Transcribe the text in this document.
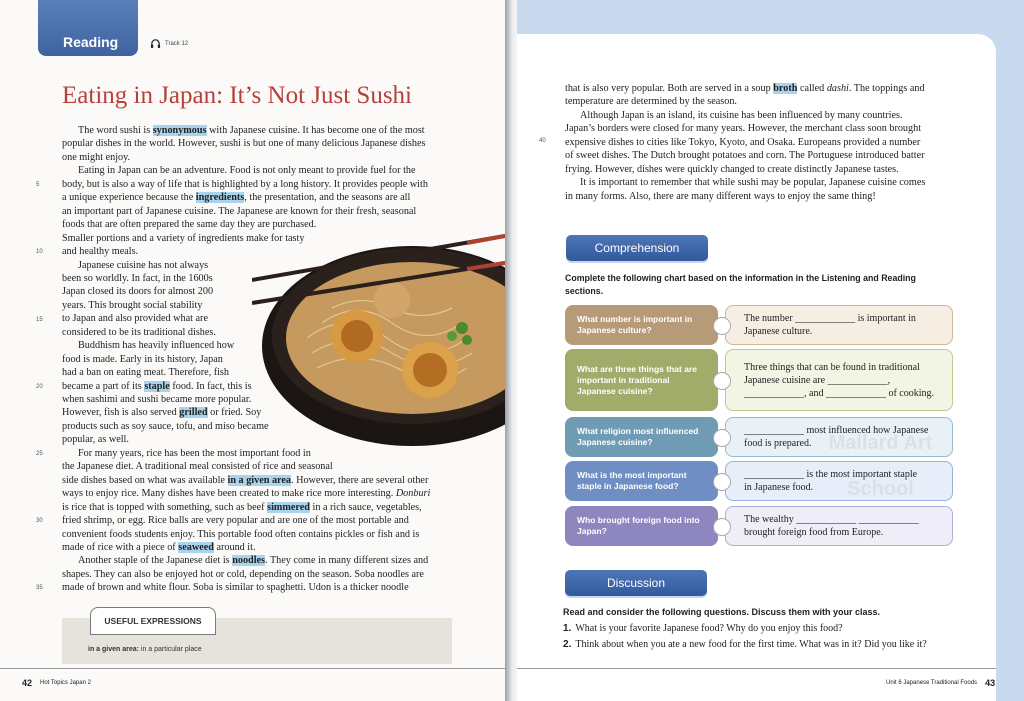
Reading	Track 12
Eating in Japan: It’s Not Just Sushi
The word sushi is synonymous with Japanese cuisine. It has become one of the most
popular dishes in the world. However, sushi is but one of many delicious Japanese dishes
one might enjoy.
Eating in Japan can be an adventure. Food is not only meant to provide fuel for the
body, but is also a way of life that is highlighted by a long history. It provides people with
a unique experience because the ingredients, the presentation, and the seasons are all
an important part of Japanese cuisine. The Japanese are known for their fresh, seasonal
foods that are often prepared the same day they are purchased.
Smaller portions and a variety of ingredients make for tasty
and healthy meals.
Japanese cuisine has not always
been so worldly. In fact, in the 1600s
Japan closed its doors for almost 200
years. This brought social stability
to Japan and also provided what are
considered to be its traditional dishes.
Buddhism has heavily influenced how
food is made. Early in its history, Japan
had a ban on eating meat. Therefore, fish
became a part of its staple food. In fact, this is
when sashimi and sushi became more popular.
However, fish is also served grilled or fried. Soy
products such as soy sauce, tofu, and miso became
popular, as well.
For many years, rice has been the most important food in
the Japanese diet. A traditional meal consisted of rice and seasonal
side dishes based on what was available in a given area. However, there are several other
ways to enjoy rice. Many dishes have been created to make rice more interesting. Donburi
is rice that is topped with something, such as beef simmered in a rich sauce, vegetables,
fried shrimp, or egg. Rice balls are very popular and are one of the most portable and
convenient foods students enjoy. This portable food often contains pickles or fish and is
made of rice with a piece of seaweed around it.
Another staple of the Japanese diet is noodles. They come in many different sizes and
shapes. They can also be enjoyed hot or cold, depending on the season. Soba noodles are
made of brown and white flour. Soba is similar to spaghetti. Udon is a thicker noodle
5
10
15
20
25
30
35
USEFUL EXPRESSIONS
in a given area: in a particular place
42 Hot Topics Japan 2
that is also very popular. Both are served in a soup broth called dashi. The toppings and
temperature are determined by the season.
Although Japan is an island, its cuisine has been influenced by many countries.
Japan’s borders were closed for many years. However, the merchant class soon brought
expensive dishes to cities like Tokyo, Kyoto, and Osaka. Europeans provided a number
of sweet dishes. The Dutch brought potatoes and corn. The Portuguese introduced batter
frying. However, dishes were quickly changed to create distinctly Japanese tastes.
It is important to remember that while sushi may be popular, Japanese cuisine comes
in many forms. Also, there are many different ways to enjoy the same thing!
40
Comprehension
Complete the following chart based on the information in the Listening and Reading
sections.
What number is important in Japanese culture?
The number ____________ is important in
Japanese culture.
What are three things that are important in traditional Japanese cuisine?
Three things that can be found in traditional
Japanese cuisine are ____________,
____________, and ____________ of cooking.
What religion most influenced Japanese cuisine?
____________ most influenced how Japanese
food is prepared.
What is the most important staple in Japanese food?
____________ is the most important staple
in Japanese food.
Who brought foreign food into Japan?
The wealthy ____________ ____________
brought foreign food from Europe.
Mallard Art School
Discussion
Read and consider the following questions. Discuss them with your class.
1. What is your favorite Japanese food? Why do you enjoy this food?
2. Think about when you ate a new food for the first time. What was in it? Did you like it?
Unit 6 Japanese Traditional Foods 43
